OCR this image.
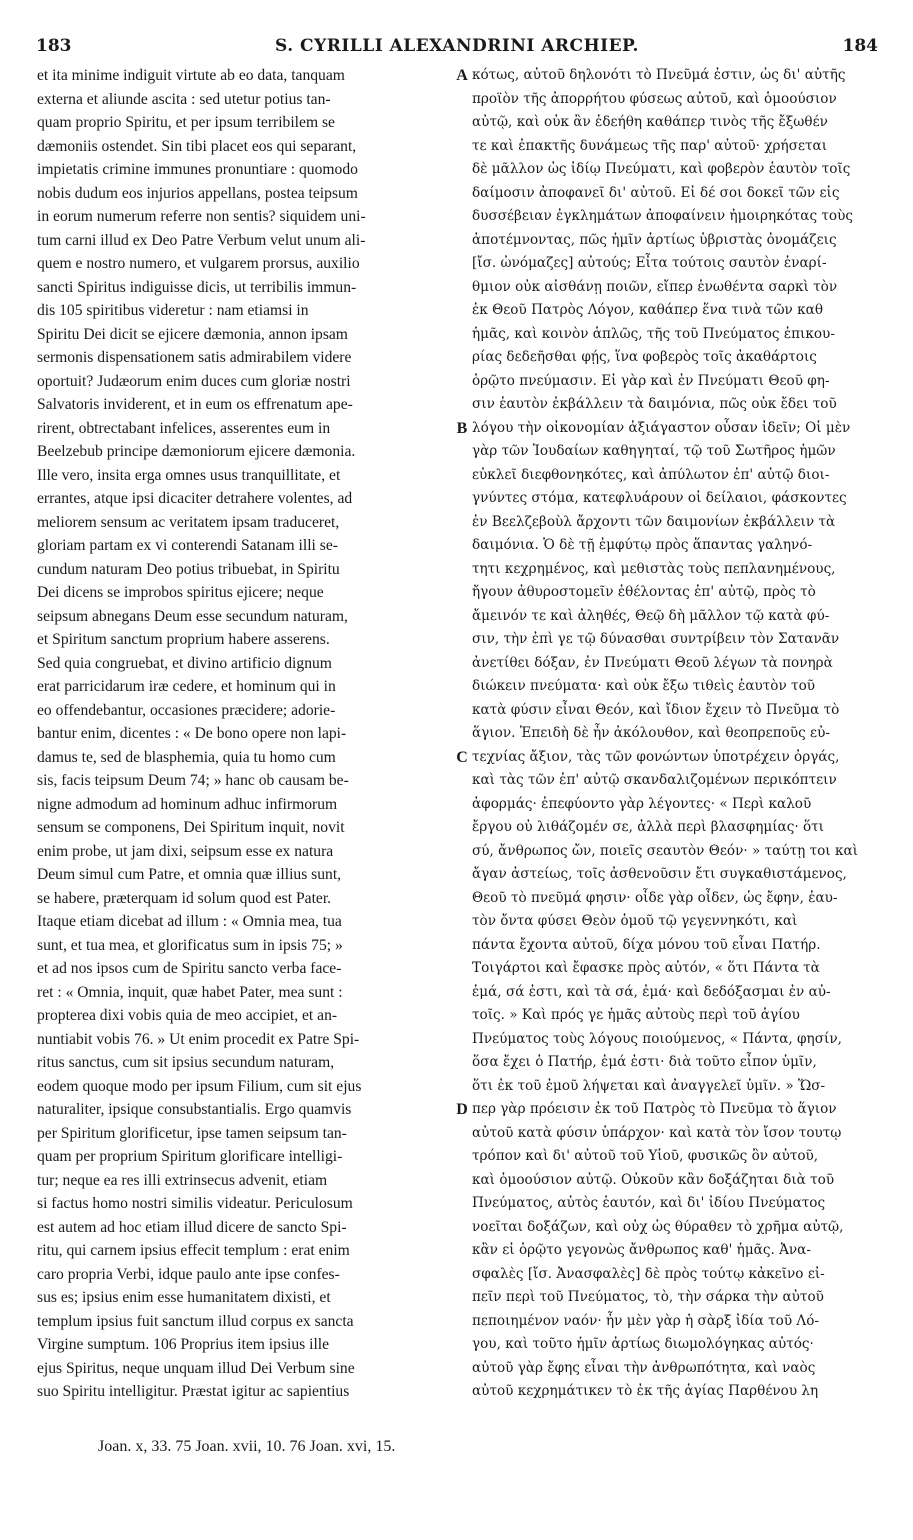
183	S. CYRILLI ALEXANDRINI ARCHIEP.	184
et ita minime indiguit virtute ab eo data, tanquam
externa et aliunde ascita : sed utetur potius tan-
quam proprio Spiritu, et per ipsum terribilem se
dæmoniis ostendet. Sin tibi placet eos qui separant,
impietatis crimine immunes pronuntiare : quomodo
nobis dudum eos injurios appellans, postea teipsum
in eorum numerum referre non sentis? siquidem uni-
tum carni illud ex Deo Patre Verbum velut unum ali-
quem e nostro numero, et vulgarem prorsus, auxilio
sancti Spiritus indiguisse dicis, ut terribilis immun-
dis 105 spiritibus videretur : nam etiamsi in
Spiritu Dei dicit se ejicere dæmonia, annon ipsam
sermonis dispensationem satis admirabilem videre
oportuit? Judæorum enim duces cum gloriæ nostri
Salvatoris inviderent, et in eum os effrenatum ape-
rirent, obtrectabant infelices, asserentes eum in
Beelzebub principe dæmoniorum ejicere dæmonia.
Ille vero, insita erga omnes usus tranquillitate, et
errantes, atque ipsi dicaciter detrahere volentes, ad
meliorem sensum ac veritatem ipsam traduceret,
gloriam partam ex vi conterendi Satanam illi se-
cundum naturam Deo potius tribuebat, in Spiritu
Dei dicens se improbos spiritus ejicere; neque
seipsum abnegans Deum esse secundum naturam,
et Spiritum sanctum proprium habere asserens.
Sed quia congruebat, et divino artificio dignum
erat parricidarum iræ cedere, et hominum qui in
eo offendebantur, occasiones præcidere; adorie-
bantur enim, dicentes : « De bono opere non lapi-
damus te, sed de blasphemia, quia tu homo cum
sis, facis teipsum Deum 74; » hanc ob causam be-
nigne admodum ad hominum adhuc infirmorum
sensum se componens, Dei Spiritum inquit, novit
enim probe, ut jam dixi, seipsum esse ex natura
Deum simul cum Patre, et omnia quæ illius sunt,
se habere, præterquam id solum quod est Pater.
Itaque etiam dicebat ad illum : « Omnia mea, tua
sunt, et tua mea, et glorificatus sum in ipsis 75; »
et ad nos ipsos cum de Spiritu sancto verba face-
ret : « Omnia, inquit, quæ habet Pater, mea sunt :
propterea dixi vobis quia de meo accipiet, et an-
nuntiabit vobis 76. » Ut enim procedit ex Patre Spi-
ritus sanctus, cum sit ipsius secundum naturam,
eodem quoque modo per ipsum Filium, cum sit ejus
naturaliter, ipsique consubstantialis. Ergo quamvis
per Spiritum glorificetur, ipse tamen seipsum tan-
quam per proprium Spiritum glorificare intelligi-
tur; neque ea res illi extrinsecus advenit, etiam
si factus homo nostri similis videatur. Periculosum
est autem ad hoc etiam illud dicere de sancto Spi-
ritu, qui carnem ipsius effecit templum : erat enim
caro propria Verbi, idque paulo ante ipse confes-
sus es; ipsius enim esse humanitatem dixisti, et
templum ipsius fuit sanctum illud corpus ex sancta
Virgine sumptum. 106 Proprius item ipsius ille
ejus Spiritus, neque unquam illud Dei Verbum sine
suo Spiritu intelligitur. Præstat igitur ac sapientius
A
B
C
D
κότως, αὐτοῦ δηλονότι τὸ Πνεῦμά ἐστιν, ὡς δι' αὐτῆς
προϊὸν τῆς ἀπορρήτου φύσεως αὐτοῦ, καὶ ὁμοούσιον
αὐτῷ, καὶ οὐκ ἂν ἐδεήθη καθάπερ τινὸς τῆς ἔξωθέν
τε καὶ ἐπακτῆς δυνάμεως τῆς παρ' αὐτοῦ· χρήσεται
δὲ μᾶλλον ὡς ἰδίῳ Πνεύματι, καὶ φοβερὸν ἑαυτὸν τοῖς
δαίμοσιν ἀποφανεῖ δι' αὐτοῦ. Εἰ δέ σοι δοκεῖ τῶν εἰς
δυσσέβειαν ἐγκλημάτων ἀποφαίνειν ἠμοιρηκότας τοὺς
ἀποτέμνοντας, πῶς ἡμῖν ἀρτίως ὑβριστὰς ὀνομάζεις
[ἴσ. ὠνόμαζες] αὐτούς; Εἶτα τούτοις σαυτὸν ἐναρί-
θμιον οὐκ αἰσθάνῃ ποιῶν, εἴπερ ἑνωθέντα σαρκὶ τὸν
ἐκ Θεοῦ Πατρὸς Λόγον, καθάπερ ἕνα τινὰ τῶν καθ
ἡμᾶς, καὶ κοινὸν ἁπλῶς, τῆς τοῦ Πνεύματος ἐπικου-
ρίας δεδεῆσθαι φῄς, ἵνα φοβερὸς τοῖς ἀκαθάρτοις
ὁρῷτο πνεύμασιν. Εἰ γὰρ καὶ ἐν Πνεύματι Θεοῦ φη-
σιν ἑαυτὸν ἐκβάλλειν τὰ δαιμόνια, πῶς οὐκ ἔδει τοῦ
λόγου τὴν οἰκονομίαν ἀξιάγαστον οὖσαν ἰδεῖν; Οἱ μὲν
γὰρ τῶν Ἰουδαίων καθηγηταί, τῷ τοῦ Σωτῆρος ἡμῶν
εὐκλεῖ διεφθονηκότες, καὶ ἀπύλωτον ἐπ' αὐτῷ διοι-
γνύντες στόμα, κατεφλυάρουν οἱ δείλαιοι, φάσκοντες
ἐν Βεελζεβοὺλ ἄρχοντι τῶν δαιμονίων ἐκβάλλειν τὰ
δαιμόνια. Ὁ δὲ τῇ ἐμφύτῳ πρὸς ἅπαντας γαληνό-
τητι κεχρημένος, καὶ μεθιστὰς τοὺς πεπλανημένους,
ἤγουν ἀθυροστομεῖν ἐθέλοντας ἐπ' αὐτῷ, πρὸς τὸ
ἄμεινόν τε καὶ ἀληθές, Θεῷ δὴ μᾶλλον τῷ κατὰ φύ-
σιν, τὴν ἐπὶ γε τῷ δύνασθαι συντρίβειν τὸν Σατανᾶν
ἀνετίθει δόξαν, ἐν Πνεύματι Θεοῦ λέγων τὰ πονηρὰ
διώκειν πνεύματα· καὶ οὐκ ἔξω τιθεὶς ἑαυτὸν τοῦ
κατὰ φύσιν εἶναι Θεόν, καὶ ἴδιον ἔχειν τὸ Πνεῦμα τὸ
ἅγιον. Ἐπειδὴ δὲ ἦν ἀκόλουθον, καὶ θεοπρεποῦς εὐ-
τεχνίας ἄξιον, τὰς τῶν φονώντων ὑποτρέχειν ὀργάς,
καὶ τὰς τῶν ἐπ' αὐτῷ σκανδαλιζομένων περικόπτειν
ἀφορμάς· ἐπεφύοντο γὰρ λέγοντες· « Περὶ καλοῦ
ἔργου οὐ λιθάζομέν σε, ἀλλὰ περὶ βλασφημίας· ὅτι
σύ, ἄνθρωπος ὤν, ποιεῖς σεαυτὸν Θεόν· » ταύτῃ τοι καὶ
ἄγαν ἀστείως, τοῖς ἀσθενοῦσιν ἔτι συγκαθιστάμενος,
Θεοῦ τὸ πνεῦμά φησιν· οἶδε γὰρ οἶδεν, ὡς ἔφην, ἑαυ-
τὸν ὄντα φύσει Θεὸν ὁμοῦ τῷ γεγεννηκότι, καὶ
πάντα ἔχοντα αὐτοῦ, δίχα μόνου τοῦ εἶναι Πατήρ.
Τοιγάρτοι καὶ ἔφασκε πρὸς αὐτόν, « ὅτι Πάντα τὰ
ἐμά, σά ἐστι, καὶ τὰ σά, ἐμά· καὶ δεδόξασμαι ἐν αὐ-
τοῖς. » Καὶ πρός γε ἡμᾶς αὐτοὺς περὶ τοῦ ἁγίου
Πνεύματος τοὺς λόγους ποιούμενος, « Πάντα, φησίν,
ὅσα ἔχει ὁ Πατήρ, ἐμά ἐστι· διὰ τοῦτο εἶπον ὑμῖν,
ὅτι ἐκ τοῦ ἐμοῦ λήψεται καὶ ἀναγγελεῖ ὑμῖν. » Ὥσ-
περ γὰρ πρόεισιν ἐκ τοῦ Πατρὸς τὸ Πνεῦμα τὸ ἅγιον
αὐτοῦ κατὰ φύσιν ὑπάρχον· καὶ κατὰ τὸν ἴσον τουτῳ
τρόπον καὶ δι' αὐτοῦ τοῦ Υἱοῦ, φυσικῶς ὂν αὐτοῦ,
καὶ ὁμοούσιον αὐτῷ. Οὐκοῦν κἂν δοξάζηται διὰ τοῦ
Πνεύματος, αὐτὸς ἑαυτόν, καὶ δι' ἰδίου Πνεύματος
νοεῖται δοξάζων, καὶ οὐχ ὡς θύραθεν τὸ χρῆμα αὐτῷ,
κἂν εἰ ὁρῷτο γεγονὼς ἄνθρωπος καθ' ἡμᾶς. Ἀνα-
σφαλὲς [ἴσ. Ἀνασφαλὲς] δὲ πρὸς τούτῳ κἀκεῖνο εἰ-
πεῖν περὶ τοῦ Πνεύματος, τὸ, τὴν σάρκα τὴν αὐτοῦ
πεποιημένον ναόν· ἦν μὲν γὰρ ἡ σὰρξ ἰδία τοῦ Λό-
γου, καὶ τοῦτο ἡμῖν ἀρτίως διωμολόγηκας αὐτός·
αὐτοῦ γὰρ ἔφης εἶναι τὴν ἀνθρωπότητα, καὶ ναὸς
αὐτοῦ κεχρημάτικεν τὸ ἐκ τῆς ἁγίας Παρθένου λη
Joan. x, 33. 75 Joan. xvii, 10. 76 Joan. xvi, 15.
